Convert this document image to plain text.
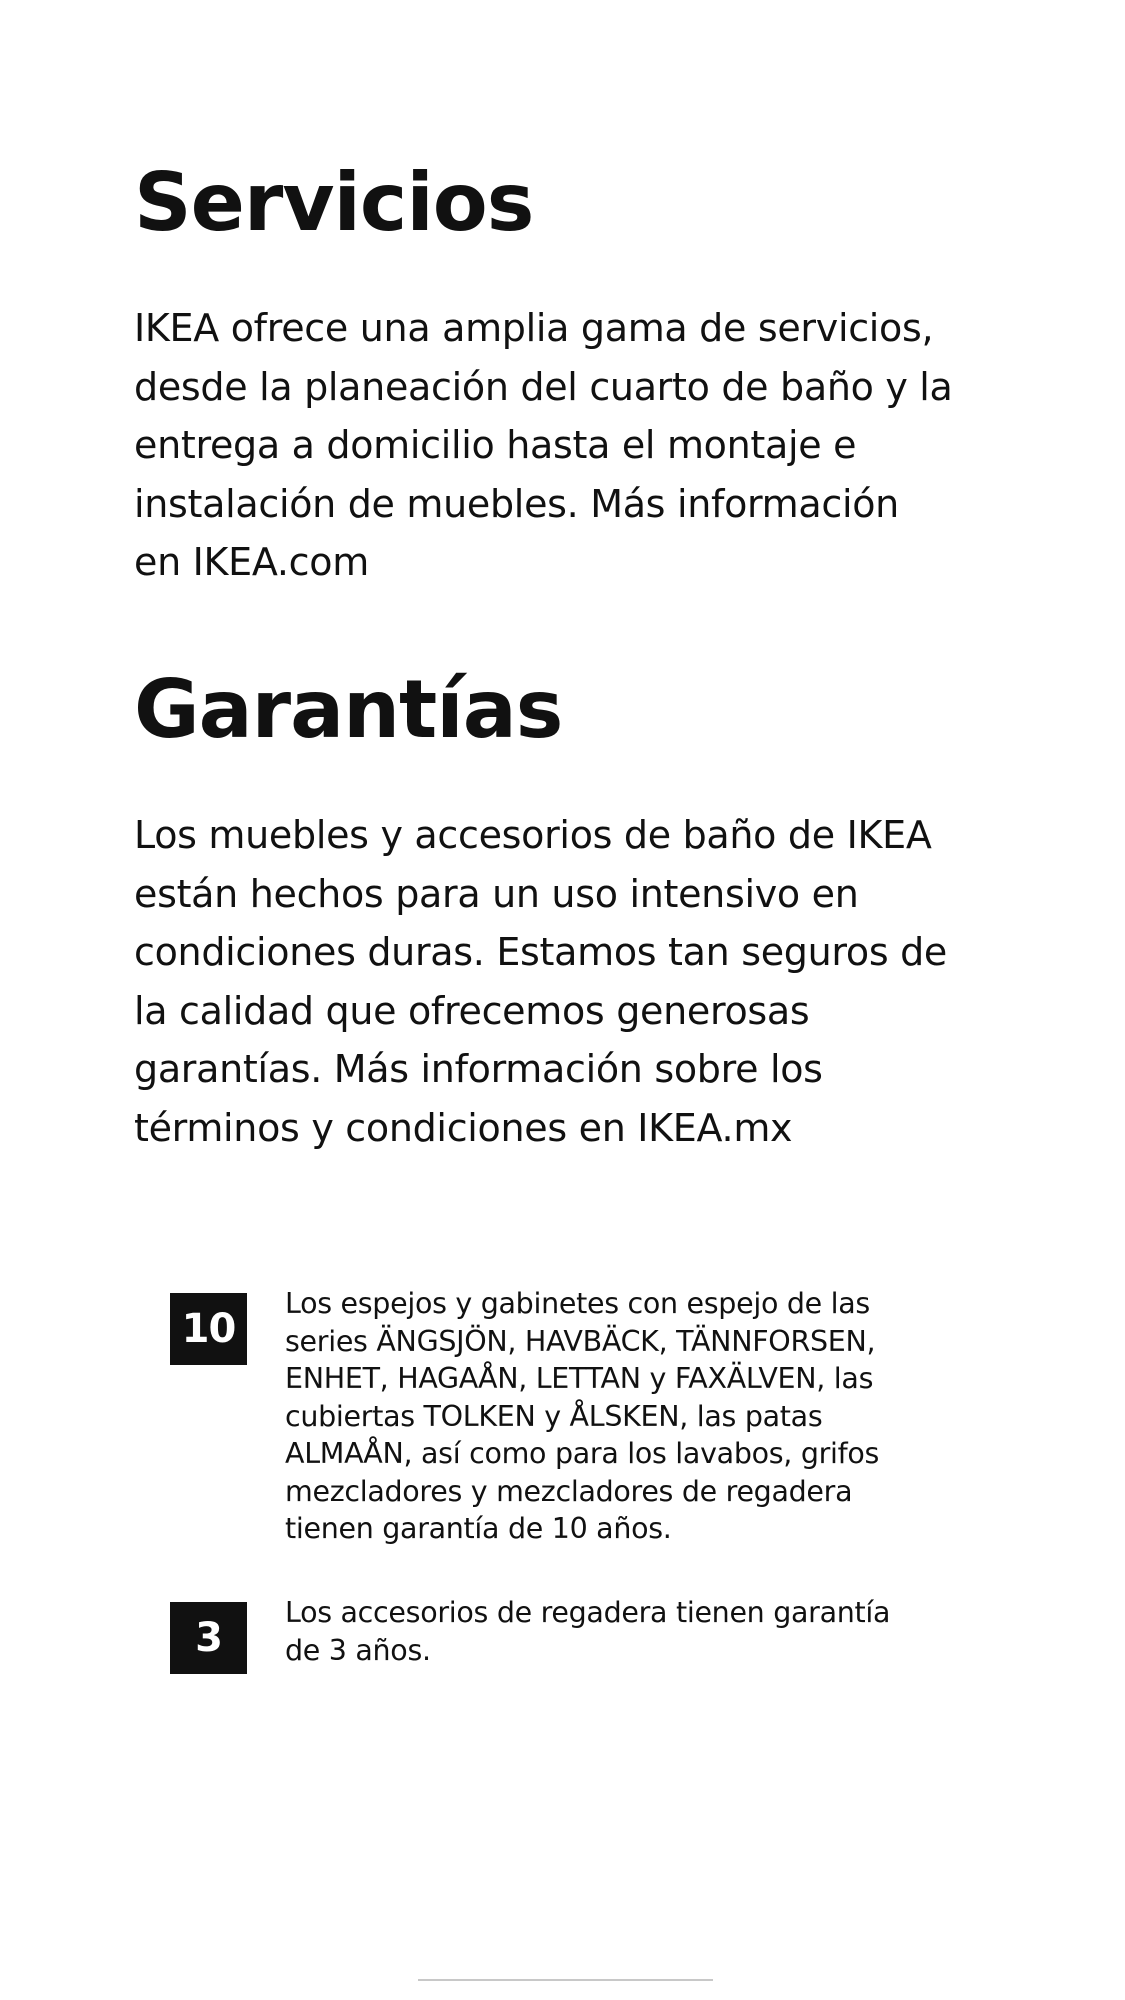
Servicios

IKEA ofrece una amplia gama de servicios, desde la planeación del cuarto de baño y la entrega a domicilio hasta el montaje e instalación de muebles. Más información en IKEA.com

Garantías

Los muebles y accesorios de baño de IKEA están hechos para un uso intensivo en condiciones duras. Estamos tan seguros de la calidad que ofrecemos generosas garantías. Más información sobre los términos y condiciones en IKEA.mx

10

Los espejos y gabinetes con espejo de las series ÄNGSJÖN, HAVBÄCK, TÄNNFORSEN, ENHET, HAGAÅN, LETTAN y FAXÄLVEN, las cubiertas TOLKEN y ÅLSKEN, las patas ALMAÅN, así como para los lavabos, grifos mezcladores y mezcladores de regadera tienen garantía de 10 años.

3

Los accesorios de regadera tienen garantía de 3 años.
